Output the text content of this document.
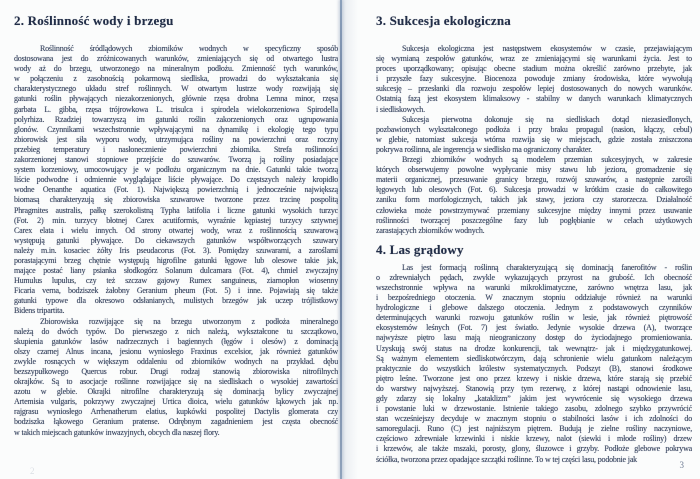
2. Roślinność wody i brzegu
Roślinność śródlądowych zbiorników wodnych w specyficzny sposób
dostosowana jest do zróżnicowanych warunków, zmieniających się od otwartego lustra
wody aż do brzegu, utworzonego na mineralnym podłożu. Zmienność tych warunków,
w połączeniu z zasobnością pokarmową siedliska, prowadzi do wykształcania się
charakterystycznego układu stref roślinnych. W otwartym lustrze wody rozwijają się
gatunki roślin pływających niezakorzenionych, głównie rzęsa drobna Lemna minor, rzęsa
garbata L. gibba, rzęsa trójrowkowa L. trisulca i spirodela wielokorzeniowa Spirodella
polyrhiza. Rzadziej towarzyszą im gatunki roślin zakorzenionych oraz ugrupowania
glonów. Czynnikami wszechstronnie wpływającymi na dynamikę i ekologię tego typu
zbiorowisk jest siła wyporu wody, utrzymująca rośliny na powierzchni oraz roczny
przebieg temperatury i nasłonecznienie powierzchni zbiornika. Strefa roślinności
zakorzenionej stanowi stopniowe przejście do szuwarów. Tworzą ją rośliny posiadające
system korzeniowy, umocowujący je w podłożu organicznym na dnie. Gatunki takie tworzą
liście podwodne i odmiennie wyglądające liście pływające. Do częstszych należy kropidło
wodne Oenanthe aquatica (Fot. 1). Największą powierzchnią i jednocześnie największą
biomasą charakteryzują się zbiorowiska szuwarowe tworzone przez trzcinę pospolitą
Phragmites australis, pałkę szerokolistną Typha latifolia i liczne gatunki wysokich turzyc
(Fot. 2) min. turzycy błotnej Carex acutiformis, wyraźnie kępiastej turzycy sztywnej
Carex elata i wielu innych. Od strony otwartej wody, wraz z roślinnością szuwarową
występują gatunki pływające. Do ciekawszych gatunków współtworzących szuwary
należy m.in. kosaciec żółty Iris pseudacorus (Fot. 3). Pomiędzy szuwarami, a zaroślami
porastającymi brzeg chętnie występują higrofilne gatunki łęgowe lub olesowe takie jak,
mające postać liany psianka słodkogórz Solanum dulcamara (Fot. 4), chmiel zwyczajny
Humulus lupulus, czy też szczaw gajowy Rumex sanguineus, ziarnopłon wiosenny
Ficaria verna, bodziszek żałobny Geranium pheum (Fot. 5) i inne. Pojawiają się także
gatunki typowe dla okresowo odsłanianych, mulistych brzegów jak uczep trójlistkowy
Bidens tripartita.
Zbiorowiska rozwijające się na brzegu utworzonym z podłoża mineralnego
należą do dwóch typów. Do pierwszego z nich należą, wykształcone tu szczątkowo,
skupienia gatunków lasów nadrzecznych i bagiennych (łęgów i olesów) z dominacją
olszy czarnej Alnus incana, jesionu wyniosłego Fraxinus excelsior, jak również gatunków
zwykle rosnących w większym oddaleniu od zbiorników wodnych na przykład. dębu
bezszypułkowego Quercus robur. Drugi rodzaj stanowią zbiorowiska nitrofilnych
okrajków. Są to asocjacje roślinne rozwijające się na siedliskach o wysokiej zawartości
azotu w glebie. Okrajki nitrofilne charakteryzują się dominacją bylicy zwyczajnej
Artemisia vulgaris, pokrzywy zwyczajnej Urtica dioica, wielu gatunków łąkowych jak np.
rajgrasu wyniosłego Arrhenatherum elatius, kupkówki pospolitej Dactylis glomerata czy
bodziszka łąkowego Geranium pratense. Odrębnym zagadnieniem jest częsta obecność
w takich miejscach gatunków inwazyjnych, obcych dla naszej flory.
2
3. Sukcesja ekologiczna
Sukcesja ekologiczna jest następstwem ekosystemów w czasie, przejawiającym
się wymianą zespołów gatunków, wraz ze zmieniającymi się warunkami życia. Jest to
proces uporządkowany; opisując obecne stadium można określić zarówno przebyte, jak
i przyszłe fazy sukcesyjne. Biocenoza powoduje zmiany środowiska, które wywołują
sukcesję – przesłanki dla rozwoju zespołów lepiej dostosowanych do nowych warunków.
Ostatnią fazą jest ekosystem klimaksowy - stabilny w danych warunkach klimatycznych
i siedliskowych.
Sukcesja pierwotna dokonuje się na siedliskach dotąd niezasiedlonych,
pozbawionych wykształconego podłoża i przy braku propagul (nasion, kłączy, cebul)
w glebie, natomiast sukcesja wtórna rozwija się w miejscach, gdzie została zniszczona
pokrywa roślinna, ale ingerencja w siedlisko ma ograniczony charakter.
Brzegi zbiorników wodnych są modelem przemian sukcesyjnych, w zakresie
których obserwujemy powolne wypłycanie misy stawu lub jeziora, gromadzenie się
materii organicznej, przesuwanie granicy brzegu, rozwój szuwarów, a następnie zarośli
łęgowych lub olesowych (Fot. 6). Sukcesja prowadzi w krótkim czasie do całkowitego
zaniku form morfologicznych, takich jak stawy, jeziora czy starorzecza. Działalność
człowieka może powstrzymywać przemiany sukcesyjne między innymi przez usuwanie
roślinności tworzącej poszczególne fazy lub pogłębianie w celach użytkowych
zarastających zbiorników wodnych.
4. Las grądowy
Las jest formacją roślinną charakteryzującą się dominacją fanerofitów - roślin
o zdrewniałych pędach, zwykle wykazujących przyrost na grubość. Ich obecność
wszechstronnie wpływa na warunki mikroklimatyczne, zarówno wnętrza lasu, jak
i bezpośredniego otoczenia. W znacznym stopniu oddziałuje również na warunki
hydrologiczne i glebowe dalszego otoczenia. Jednym z podstawowych czynników
determinujących warunki rozwoju gatunków roślin w lesie, jak również piętrowość
ekosystemów leśnych (Fot. 7) jest światło. Jedynie wysokie drzewa (A), tworzące
najwyższe piętro lasu mają nieograniczony dostęp do życiodajnego promieniowania.
Uzyskują swój status na drodze konkurencji, tak wewnątrz- jak i międzygatunkowej.
Są ważnym elementem siedliskotwórczym, dają schronienie wielu gatunkom należącym
praktycznie do wszystkich królestw systematycznych. Podszyt (B), stanowi środkowe
piętro leśne. Tworzone jest ono przez krzewy i niskie drzewa, które starają się przebić
do warstwy najwyższej. Stanowią przy tym rezerwę, z której nastąpi odnowienie lasu,
gdy zdarzy się lokalny „kataklizm” jakim jest wywrócenie się wysokiego drzewa
i powstanie luki w drzewostanie. Istnienie takiego zasobu, zdolnego szybko przywrócić
stan wcześniejszy decyduje w znacznym stopniu o stabilności lasów i ich zdolności do
samoregulacji. Runo (C) jest najniższym piętrem. Budują je zielne rośliny naczyniowe,
częściowo zdrewniałe krzewinki i niskie krzewy, nalot (siewki i młode rośliny) drzew
i krzewów, ale także mszaki, porosty, glony, śluzowce i grzyby. Podłoże glebowe pokrywa
ściółka, tworzona przez opadające szczątki roślinne. To w tej części lasu, podobnie jak
3
